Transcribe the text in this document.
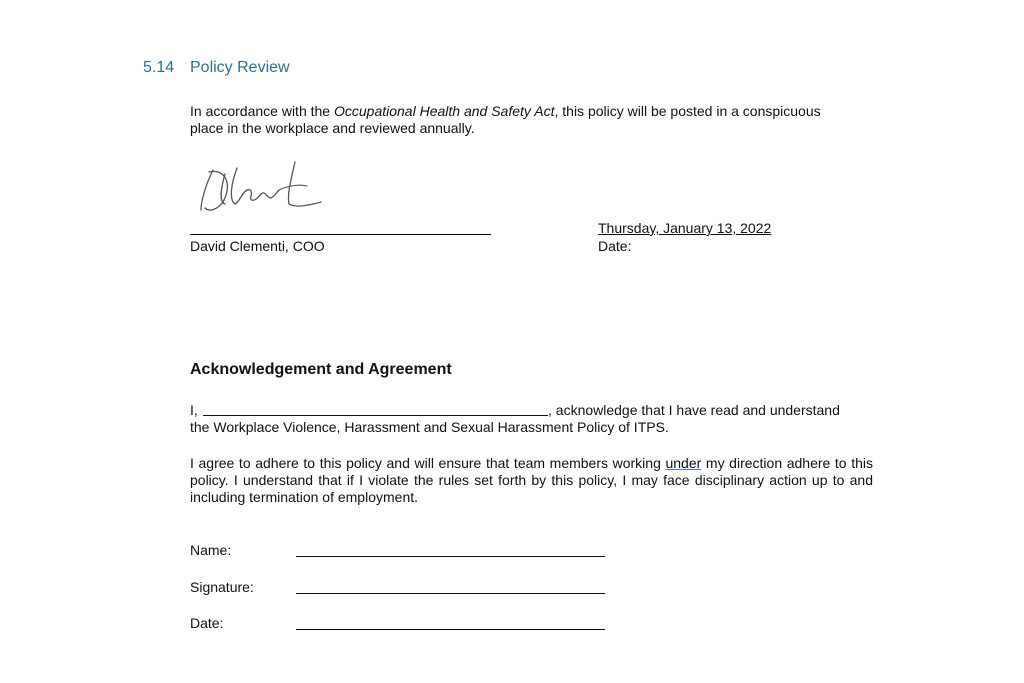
5.14 Policy Review
In accordance with the Occupational Health and Safety Act, this policy will be posted in a conspicuous
place in the workplace and reviewed annually.
David Clementi, COO
Thursday, January 13, 2022
Date:
Acknowledgement and Agreement
I,	, acknowledge that I have read and understand
the Workplace Violence, Harassment and Sexual Harassment Policy of ITPS.
I agree to adhere to this policy and will ensure that team members working under my direction adhere to this policy. I understand that if I violate the rules set forth by this policy, I may face disciplinary action up to and including termination of employment.
Name:
Signature:
Date:
